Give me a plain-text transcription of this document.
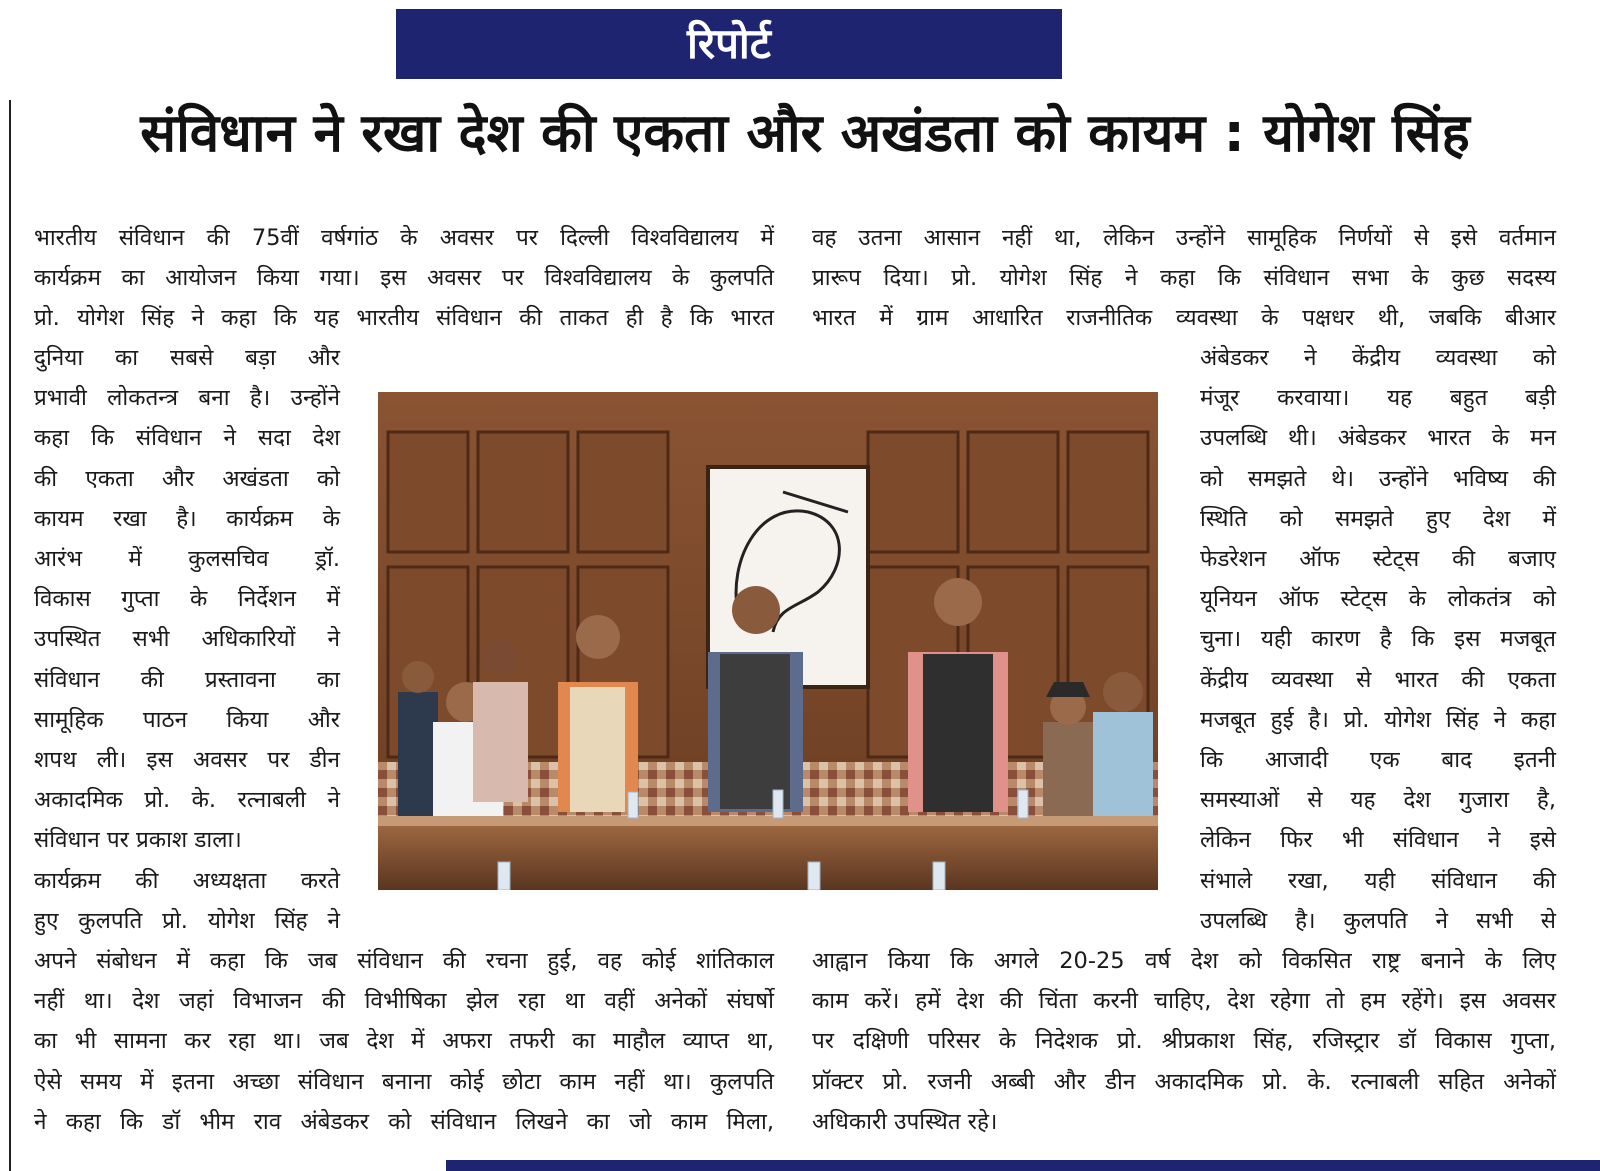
रिपोर्ट
संविधान ने रखा देश की एकता और अखंडता को कायम : योगेश सिंह

भारतीय संविधान की 75वीं वर्षगांठ के अवसर पर दिल्ली विश्वविद्यालय में

कार्यक्रम का आयोजन किया गया। इस अवसर पर विश्वविद्यालय के कुलपति

प्रो. योगेश सिंह ने कहा कि यह भारतीय संविधान की ताकत ही है कि भारत

दुनिया का सबसे बड़ा और

प्रभावी लोकतन्त्र बना है। उन्होंने

कहा कि संविधान ने सदा देश

की एकता और अखंडता को

कायम रखा है। कार्यक्रम के

आरंभ में कुलसचिव ड्रॉ.

विकास गुप्ता के निर्देशन में

उपस्थित सभी अधिकारियों ने

संविधान की प्रस्तावना का

सामूहिक पाठन किया और

शपथ ली। इस अवसर पर डीन

अकादमिक प्रो. के. रत्नाबली ने

संविधान पर प्रकाश डाला।

कार्यक्रम की अध्यक्षता करते

हुए कुलपति प्रो. योगेश सिंह ने

अपने संबोधन में कहा कि जब संविधान की रचना हुई, वह कोई शांतिकाल

नहीं था। देश जहां विभाजन की विभीषिका झेल रहा था वहीं अनेकों संघर्षो

का भी सामना कर रहा था। जब देश में अफरा तफरी का माहौल व्याप्त था,

ऐसे समय में इतना अच्छा संविधान बनाना कोई छोटा काम नहीं था। कुलपति

ने कहा कि डॉ भीम राव अंबेडकर को संविधान लिखने का जो काम मिला,

वह उतना आसान नहीं था, लेकिन उन्होंने सामूहिक निर्णयों से इसे वर्तमान

प्रारूप दिया। प्रो. योगेश सिंह ने कहा कि संविधान सभा के कुछ सदस्य

भारत में ग्राम आधारित राजनीतिक व्यवस्था के पक्षधर थी, जबकि बीआर

अंबेडकर ने केंद्रीय व्यवस्था को

मंजूर करवाया। यह बहुत बड़ी

उपलब्धि थी। अंबेडकर भारत के मन

को समझते थे। उन्होंने भविष्य की

स्थिति को समझते हुए देश में

फेडरेशन ऑफ स्टेट्स की बजाए

यूनियन ऑफ स्टेट्स के लोकतंत्र को

चुना। यही कारण है कि इस मजबूत

केंद्रीय व्यवस्था से भारत की एकता

मजबूत हुई है। प्रो. योगेश सिंह ने कहा

कि आजादी एक बाद इतनी

समस्याओं से यह देश गुजारा है,

लेकिन फिर भी संविधान ने इसे

संभाले रखा, यही संविधान की

उपलब्धि है। कुलपति ने सभी से

आह्वान किया कि अगले 20-25 वर्ष देश को विकसित राष्ट्र बनाने के लिए

काम करें। हमें देश की चिंता करनी चाहिए, देश रहेगा तो हम रहेंगे। इस अवसर

पर दक्षिणी परिसर के निदेशक प्रो. श्रीप्रकाश सिंह, रजिस्ट्रार डॉ विकास गुप्ता,

प्रॉक्टर प्रो. रजनी अब्बी और डीन अकादमिक प्रो. के. रत्नाबली सहित अनेकों

अधिकारी उपस्थित रहे।
